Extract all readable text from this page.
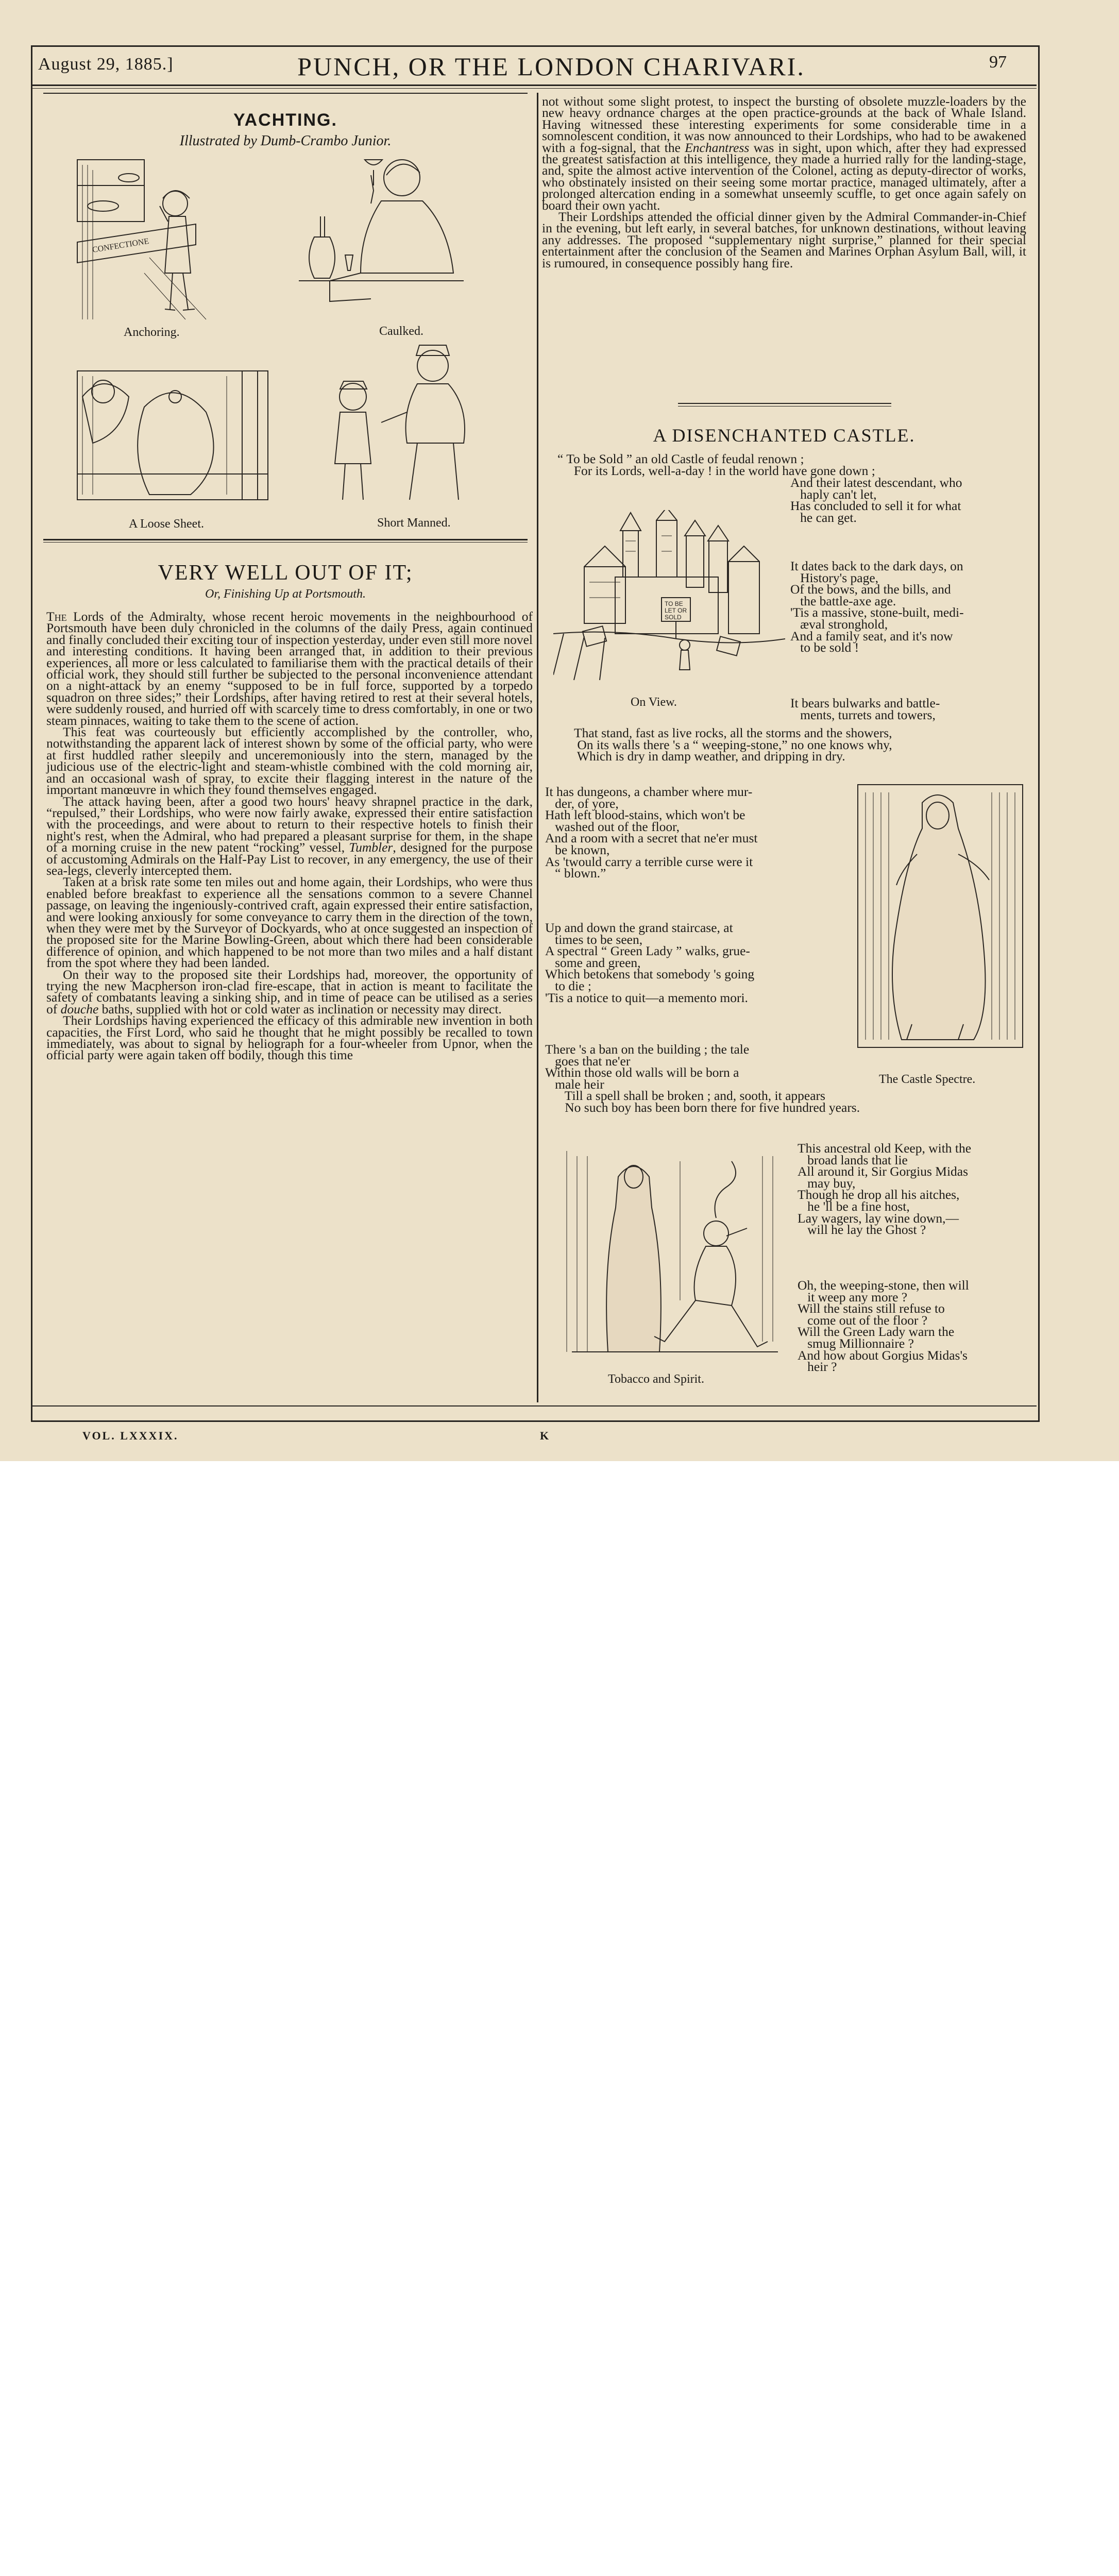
August 29, 1885.]	PUNCH, OR THE LONDON CHARIVARI.	97
YACHTING.
Illustrated by Dumb-Crambo Junior.
CONFECTIONE
Anchoring.	Caulked.
A Loose Sheet.	Short Manned.
VERY WELL OUT OF IT;
Or, Finishing Up at Portsmouth.

The Lords of the Admiralty, whose recent heroic movements in the neighbourhood of Portsmouth have been duly chronicled in the columns of the daily Press, again continued and finally concluded their exciting tour of inspection yesterday, under even still more novel and interesting conditions. It having been arranged that, in addition to their previous experiences, all more or less calculated to familiarise them with the practical details of their official work, they should still further be subjected to the personal inconvenience attendant on a night-attack by an enemy “supposed to be in full force, supported by a torpedo squadron on three sides;” their Lordships, after having retired to rest at their several hotels, were suddenly roused, and hurried off with scarcely time to dress comfortably, in one or two steam pinnaces, waiting to take them to the scene of action.

This feat was courteously but efficiently accomplished by the controller, who, notwithstanding the apparent lack of interest shown by some of the official party, who were at first huddled rather sleepily and unceremoniously into the stern, managed by the judicious use of the electric-light and steam-whistle combined with the cold morning air, and an occasional wash of spray, to excite their flagging interest in the nature of the important manœuvre in which they found themselves engaged.

The attack having been, after a good two hours' heavy shrapnel practice in the dark, “repulsed,” their Lordships, who were now fairly awake, expressed their entire satisfaction with the proceedings, and were about to return to their respective hotels to finish their night's rest, when the Admiral, who had prepared a pleasant surprise for them, in the shape of a morning cruise in the new patent “rocking” vessel, Tumbler, designed for the purpose of accustoming Admirals on the Half-Pay List to recover, in any emergency, the use of their sea-legs, cleverly intercepted them.

Taken at a brisk rate some ten miles out and home again, their Lordships, who were thus enabled before breakfast to experience all the sensations common to a severe Channel passage, on leaving the ingeniously-contrived craft, again expressed their entire satisfaction, and were looking anxiously for some conveyance to carry them in the direction of the town, when they were met by the Surveyor of Dockyards, who at once suggested an inspection of the proposed site for the Marine Bowling-Green, about which there had been considerable difference of opinion, and which happened to be not more than two miles and a half distant from the spot where they had been landed.

On their way to the proposed site their Lordships had, moreover, the opportunity of trying the new Macpherson iron-clad fire-escape, that in action is meant to facilitate the safety of combatants leaving a sinking ship, and in time of peace can be utilised as a series of douche baths, supplied with hot or cold water as inclination or necessity may direct.

Their Lordships having experienced the efficacy of this admirable new invention in both capacities, the First Lord, who said he thought that he might possibly be recalled to town immediately, was about to signal by heliograph for a four-wheeler from Upnor, when the official party were again taken off bodily, though this time

not without some slight protest, to inspect the bursting of obsolete muzzle-loaders by the new heavy ordnance charges at the open practice-grounds at the back of Whale Island. Having witnessed these interesting experiments for some considerable time in a somnolescent condition, it was now announced to their Lordships, who had to be awakened with a fog-signal, that the Enchantress was in sight, upon which, after they had expressed the greatest satisfaction at this intelligence, they made a hurried rally for the landing-stage, and, spite the almost active intervention of the Colonel, acting as deputy-director of works, who obstinately insisted on their seeing some mortar practice, managed ultimately, after a prolonged altercation ending in a somewhat unseemly scuffle, to get once again safely on board their own yacht.

Their Lordships attended the official dinner given by the Admiral Commander-in-Chief in the evening, but left early, in several batches, for unknown destinations, without leaving any addresses. The proposed “supplementary night surprise,” planned for their special entertainment after the conclusion of the Seamen and Marines Orphan Asylum Ball, will, it is rumoured, in consequence possibly hang fire.

A DISENCHANTED CASTLE.
“ To be Sold ” an old Castle of feudal renown ;
For its Lords, well-a-day ! in the world have gone down ;
And their latest descendant, who
haply can't let,
Has concluded to sell it for what
he can get.
TO BE LET OR SOLD
On View.
It dates back to the dark days, on
History's page,
Of the bows, and the bills, and
the battle-axe age.
'Tis a massive, stone-built, medi-
æval stronghold,
And a family seat, and it's now
to be sold !
It bears bulwarks and battle-
ments, turrets and towers,
That stand, fast as live rocks, all the storms and the showers,
On its walls there 's a “ weeping-stone,” no one knows why,
Which is dry in damp weather, and dripping in dry.
It has dungeons, a chamber where mur-
der, of yore,
Hath left blood-stains, which won't be
washed out of the floor,
And a room with a secret that ne'er must
be known,
As 'twould carry a terrible curse were it
“ blown.”
Up and down the grand staircase, at
times to be seen,
A spectral “ Green Lady ” walks, grue-
some and green,
Which betokens that somebody 's going
to die ;
'Tis a notice to quit—a memento mori.
The Castle Spectre.
There 's a ban on the building ; the tale
goes that ne'er
Within those old walls will be born a
male heir
Till a spell shall be broken ; and, sooth, it appears
No such boy has been born there for five hundred years.
This ancestral old Keep, with the
broad lands that lie
All around it, Sir Gorgius Midas
may buy,
Though he drop all his aitches,
he 'll be a fine host,
Lay wagers, lay wine down,—
will he lay the Ghost ?
Oh, the weeping-stone, then will
it weep any more ?
Will the stains still refuse to
come out of the floor ?
Will the Green Lady warn the
smug Millionnaire ?
And how about Gorgius Midas's
heir ?
Tobacco and Spirit.
VOL. LXXXIX.	K
